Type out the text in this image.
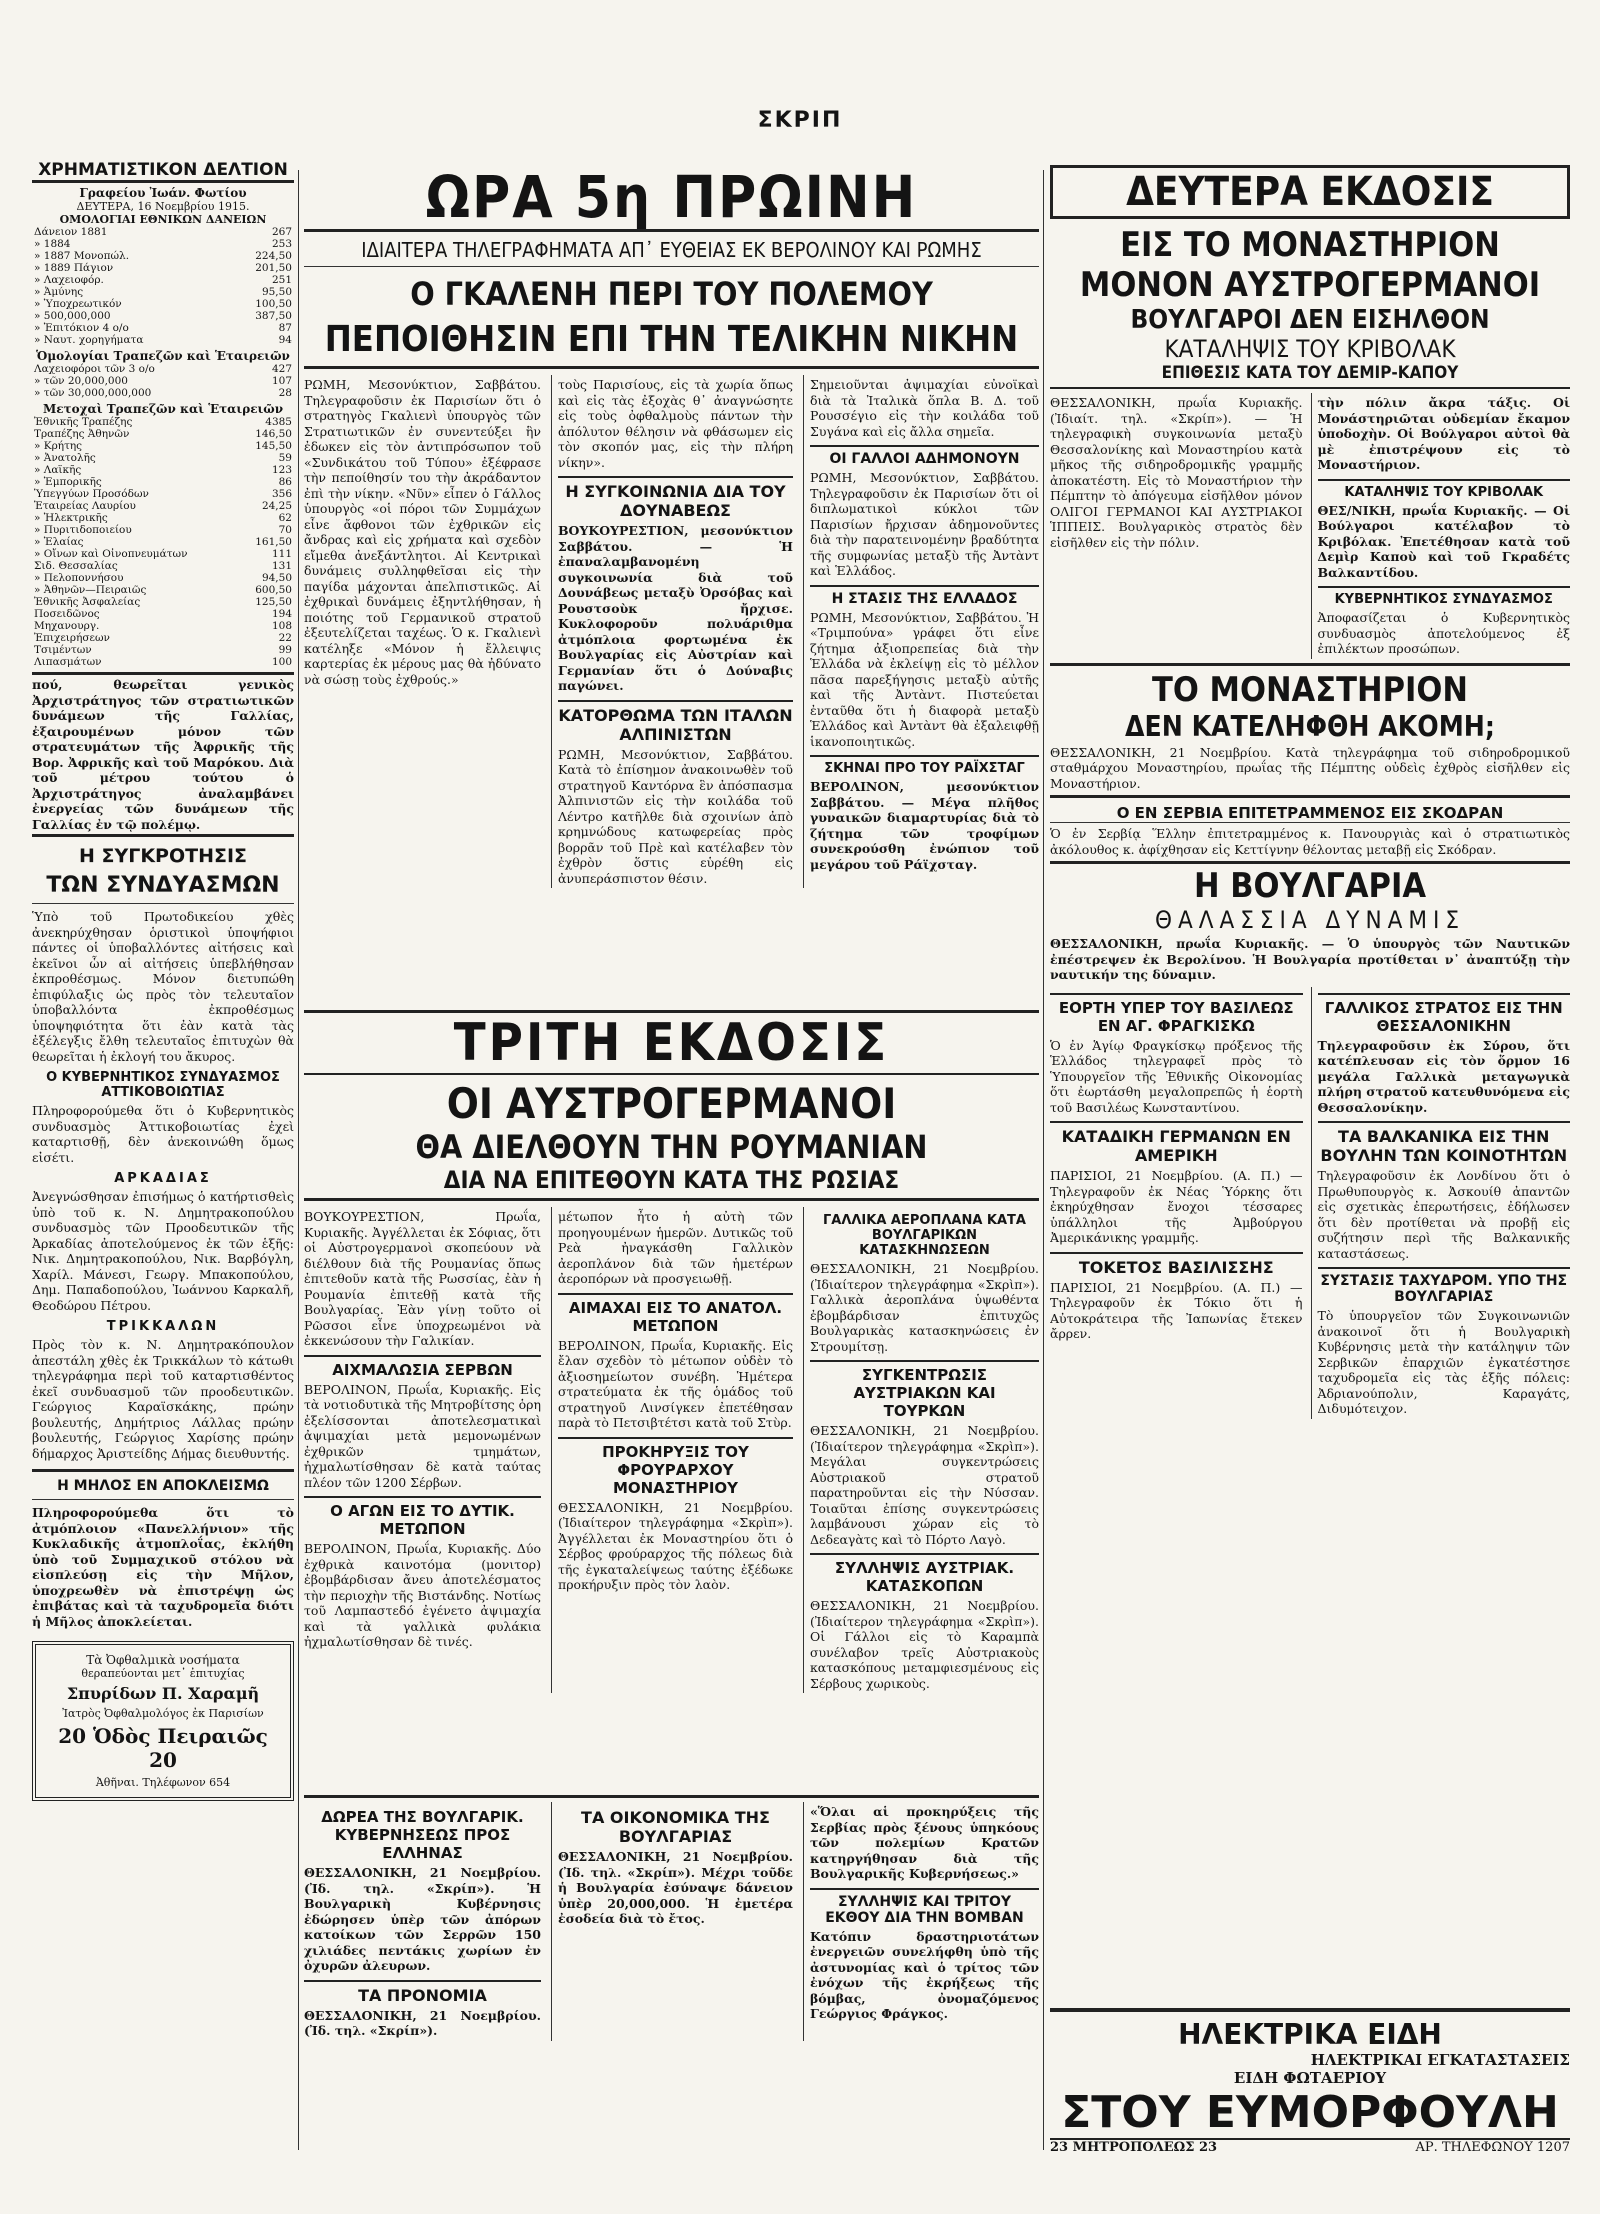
ΣΚΡΙΠ
ΧΡΗΜΑΤΙΣΤΙΚΟΝ ΔΕΛΤΙΟΝ
Γραφείου Ἰωάν. Φωτίου
ΔΕΥΤΕΡΑ, 16 Νοεμβρίου 1915.
ΟΜΟΛΟΓΙΑΙ ΕΘΝΙΚΩΝ ΔΑΝΕΙΩΝ
Δάνειον 1881	267
» 1884	253
» 1887 Μονοπώλ.	224,50
» 1889 Πάγιον	201,50
» Λαχειοφόρ.	251
» Ἀμύνης	95,50
» Ὑποχρεωτικόν	100,50
» 500,000,000	387,50
» Ἐπιτόκιον 4 ο/ο	87
» Ναυτ. χορηγήματα	94
Ὁμολογίαι Τραπεζῶν καὶ Ἑταιρειῶν
Λαχειοφόροι τῶν 3 ο/ο	427
» τῶν 20,000,000	107
» τῶν 30,000,000,000	28
Μετοχαὶ Τραπεζῶν καὶ Ἑταιρειῶν
Ἐθνικῆς Τραπέζης	4385
Τραπέζης Ἀθηνῶν	146,50
» Κρήτης	145,50
» Ἀνατολῆς	59
» Λαϊκῆς	123
» Ἐμπορικῆς	86
Ὑπεγγύων Προσόδων	356
Ἑταιρείας Λαυρίου	24,25
» Ἠλεκτρικῆς	62
» Πυριτιδοποιείου	70
» Ἐλαίας	161,50
» Οἴνων καὶ Οἰνοπνευμάτων	111
Σιδ. Θεσσαλίας	131
» Πελοποννήσου	94,50
» Ἀθηνῶν—Πειραιῶς	600,50
Ἐθνικῆς Ἀσφαλείας	125,50
Ποσειδῶνος	194
Μηχανουργ.	108
Ἐπιχειρήσεων	22
Τσιμέντων	99
Λιπασμάτων	100

πού, θεωρεῖται γενικὸς Ἀρχιστράτηγος τῶν στρατιωτικῶν δυνάμεων τῆς Γαλλίας, ἐξαιρουμένων μόνον τῶν στρατευμάτων τῆς Ἀφρικῆς τῆς Βορ. Ἀφρικῆς καὶ τοῦ Μαρόκου. Διὰ τοῦ μέτρου τούτου ὁ Ἀρχιστράτηγος ἀναλαμβάνει ἐνεργείας τῶν δυνάμεων τῆς Γαλλίας ἐν τῷ πολέμῳ.

Η ΣΥΓΚΡΟΤΗΣΙΣ
ΤΩΝ ΣΥΝΔΥΑΣΜΩΝ

Ὑπὸ τοῦ Πρωτοδικείου χθὲς ἀνεκηρύχθησαν ὁριστικοὶ ὑποψήφιοι πάντες οἱ ὑποβαλλόντες αἰτήσεις καὶ ἐκεῖνοι ὧν αἱ αἰτήσεις ὑπεβλήθησαν ἐκπροθέσμως. Μόνον διετυπώθη ἐπιφύλαξις ὡς πρὸς τὸν τελευταῖον ὑποβαλλόντα ἐκπροθέσμως ὑποψηφιότητα ὅτι ἐὰν κατὰ τὰς ἐξέλεγξις ἔλθη τελευταῖος ἐπιτυχὼν θὰ θεωρεῖται ἡ ἐκλογή του ἄκυρος.

Ο ΚΥΒΕΡΝΗΤΙΚΟΣ ΣΥΝΔΥΑΣΜΟΣ ΑΤΤΙΚΟΒΟΙΩΤΙΑΣ

Πληροφορούμεθα ὅτι ὁ Κυβερνητικὸς συνδυασμὸς Ἀττικοβοιωτίας ἐχεὶ καταρτισθῇ, δὲν ἀνεκοινώθη ὅμως εἰσέτι.

ΑΡΚΑΔΙΑΣ

Ἀνεγνώσθησαν ἐπισήμως ὁ κατήρτισθεὶς ὑπὸ τοῦ κ. Ν. Δημητρακοπούλου συνδυασμὸς τῶν Προοδευτικῶν τῆς Ἀρκαδίας ἀποτελούμενος ἐκ τῶν ἑξῆς: Νικ. Δημητρακοπούλου, Νικ. Βαρβόγλη, Χαρίλ. Μάνεσι, Γεωργ. Μπακοπούλου, Δημ. Παπαδοπούλου, Ἰωάννου Καρκαλῆ, Θεοδώρου Πέτρου.

ΤΡΙΚΚΑΛΩΝ

Πρὸς τὸν κ. Ν. Δημητρακόπουλον ἀπεστάλη χθὲς ἐκ Τρικκάλων τὸ κάτωθι τηλεγράφημα περὶ τοῦ καταρτισθέντος ἐκεῖ συνδυασμοῦ τῶν προοδευτικῶν. Γεώργιος Καραϊσκάκης, πρώην βουλευτής, Δημήτριος Λάλλας πρώην βουλευτής, Γεώργιος Χαρίσης πρώην δήμαρχος Ἀριστείδης Δήμας διευθυντής.

Η ΜΗΛΟΣ ΕΝ ΑΠΟΚΛΕΙΣΜΩ

Πληροφορούμεθα ὅτι τὸ ἀτμόπλοιον «Πανελλήνιον» τῆς Κυκλαδικῆς ἀτμοπλοΐας, ἐκλήθη ὑπὸ τοῦ Συμμαχικοῦ στόλου νὰ εἰσπλεύσῃ εἰς τὴν Μῆλον, ὑποχρεωθὲν νὰ ἐπιστρέψῃ ὡς ἐπιβάτας καὶ τὰ ταχυδρομεῖα διότι ἡ Μῆλος ἀποκλείεται.

Τὰ Ὀφθαλμικὰ νοσήματα
θεραπεύονται μετ᾽ ἐπιτυχίας
Σπυρίδων Π. Χαραμῆ
Ἰατρὸς Ὀφθαλμολόγος ἐκ Παρισίων
20 Ὁδὸς Πειραιῶς 20
Ἀθῆναι. Τηλέφωνον 654
ΩΡΑ 5η ΠΡΩΙΝΗ
ΙΔΙΑΙΤΕΡΑ ΤΗΛΕΓΡΑΦΗΜΑΤΑ ΑΠ᾽ ΕΥΘΕΙΑΣ ΕΚ ΒΕΡΟΛΙΝΟΥ ΚΑΙ ΡΩΜΗΣ
Ο ΓΚΑΛΕΝΗ ΠΕΡΙ ΤΟΥ ΠΟΛΕΜΟΥ
ΠΕΠΟΙΘΗΣΙΝ ΕΠΙ ΤΗΝ ΤΕΛΙΚΗΝ ΝΙΚΗΝ

ΡΩΜΗ, Μεσονύκτιον, Σαββάτου. Τηλεγραφοῦσιν ἐκ Παρισίων ὅτι ὁ στρατηγὸς Γκαλιενὶ ὑπουργὸς τῶν Στρατιωτικῶν ἐν συνεντεύξει ἣν ἐδωκεν εἰς τὸν ἀντιπρόσωπον τοῦ «Συνδικάτου τοῦ Τύπου» ἐξέφρασε τὴν πεποίθησίν του τὴν ἀκράδαντον ἐπὶ τὴν νίκην. «Νῦν» εἶπεν ὁ Γάλλος ὑπουργὸς «οἱ πόροι τῶν Συμμάχων εἶνε ἄφθονοι τῶν ἐχθρικῶν εἰς ἄνδρας καὶ εἰς χρήματα καὶ σχεδὸν εἴμεθα ἀνεξάντλητοι. Αἱ Κεντρικαὶ δυνάμεις συλληφθεῖσαι εἰς τὴν παγίδα μάχονται ἀπελπιστικῶς. Αἱ ἐχθρικαὶ δυνάμεις ἐξηντλήθησαν, ἡ ποιότης τοῦ Γερμανικοῦ στρατοῦ ἐξευτελίζεται ταχέως. Ὁ κ. Γκαλιενὶ κατέληξε «Μόνον ἡ ἔλλειψις καρτερίας ἐκ μέρους μας θὰ ἠδύνατο νὰ σώσῃ τοὺς ἐχθρούς.»

τοὺς Παρισίους, εἰς τὰ χωρία ὅπως καὶ εἰς τὰς ἐξοχὰς θ᾽ ἀναγνώσητε εἰς τοὺς ὀφθαλμοὺς πάντων τὴν ἀπόλυτον θέλησιν νὰ φθάσωμεν εἰς τὸν σκοπόν μας, εἰς τὴν πλήρη νίκην».

Η ΣΥΓΚΟΙΝΩΝΙΑ ΔΙΑ ΤΟΥ ΔΟΥΝΑΒΕΩΣ

ΒΟΥΚΟΥΡΕΣΤΙΟΝ, μεσονύκτιον Σαββάτου. — Ἡ ἐπαναλαμβανομένη συγκοινωνία διὰ τοῦ Δουνάβεως μεταξὺ Ὀρσόβας καὶ Ρουστσοὺκ ἤρχισε. Κυκλοφοροῦν πολυάριθμα ἀτμόπλοια φορτωμένα ἐκ Βουλγαρίας εἰς Αὐστρίαν καὶ Γερμανίαν ὅτι ὁ Δούναβις παγώνει.

ΚΑΤΟΡΘΩΜΑ ΤΩΝ ΙΤΑΛΩΝ ΑΛΠΙΝΙΣΤΩΝ

ΡΩΜΗ, Μεσονύκτιον, Σαββάτου. Κατὰ τὸ ἐπίσημον ἀνακοινωθὲν τοῦ στρατηγοῦ Καντόρνα ἓν ἀπόσπασμα Ἀλπινιστῶν εἰς τὴν κοιλάδα τοῦ Λέντρο κατῆλθε διὰ σχοινίων ἀπὸ κρημνώδους κατωφερείας πρὸς βορρᾶν τοῦ Πρὲ καὶ κατέλαβεν τὸν ἐχθρὸν ὅστις εὑρέθη εἰς ἀνυπεράσπιστον θέσιν.

Σημειοῦνται ἀψιμαχίαι εὐνοϊκαὶ διὰ τὰ Ἰταλικὰ ὅπλα Β. Δ. τοῦ Ρουσσέγιο εἰς τὴν κοιλάδα τοῦ Συγάνα καὶ εἰς ἄλλα σημεῖα.

ΟΙ ΓΑΛΛΟΙ ΑΔΗΜΟΝΟΥΝ

ΡΩΜΗ, Μεσονύκτιον, Σαββάτου. Τηλεγραφοῦσιν ἐκ Παρισίων ὅτι οἱ διπλωματικοὶ κύκλοι τῶν Παρισίων ἤρχισαν ἀδημονοῦντες διὰ τὴν παρατεινομένην βραδύτητα τῆς συμφωνίας μεταξὺ τῆς Ἀντὰντ καὶ Ἑλλάδος.

Η ΣΤΑΣΙΣ ΤΗΣ ΕΛΛΑΔΟΣ

ΡΩΜΗ, Μεσονύκτιον, Σαββάτου. Ἡ «Τριμπούνα» γράφει ὅτι εἶνε ζήτημα ἀξιοπρεπείας διὰ τὴν Ἑλλάδα νὰ ἐκλείψῃ εἰς τὸ μέλλον πᾶσα παρεξήγησις μεταξὺ αὐτῆς καὶ τῆς Ἀντὰντ. Πιστεύεται ἐνταῦθα ὅτι ἡ διαφορὰ μεταξὺ Ἑλλάδος καὶ Ἀντὰντ θὰ ἐξαλειφθῇ ἱκανοποιητικῶς.

ΣΚΗΝΑΙ ΠΡΟ ΤΟΥ ΡΑΪΧΣΤΑΓ

ΒΕΡΟΛΙΝΟΝ, μεσονύκτιον Σαββάτου. — Μέγα πλῆθος γυναικῶν διαμαρτυρίας διὰ τὸ ζήτημα τῶν τροφίμων συνεκρούσθη ἐνώπιον τοῦ μεγάρου τοῦ Ράϊχσταγ.

ΤΡΙΤΗ ΕΚΔΟΣΙΣ
ΟΙ ΑΥΣΤΡΟΓΕΡΜΑΝΟΙ
ΘΑ ΔΙΕΛΘΟΥΝ ΤΗΝ ΡΟΥΜΑΝΙΑΝ
ΔΙΑ ΝΑ ΕΠΙΤΕΘΟΥΝ ΚΑΤΑ ΤΗΣ ΡΩΣΙΑΣ

ΒΟΥΚΟΥΡΕΣΤΙΟΝ, Πρωΐα, Κυριακῆς. Ἀγγέλλεται ἐκ Σόφιας, ὅτι οἱ Αὐστρογερμανοὶ σκοπεύουν νὰ διέλθουν διὰ τῆς Ρουμανίας ὅπως ἐπιτεθοῦν κατὰ τῆς Ρωσσίας, ἐὰν ἡ Ρουμανία ἐπιτεθῇ κατὰ τῆς Βουλγαρίας. Ἐὰν γίνῃ τοῦτο οἱ Ρῶσσοι εἶνε ὑποχρεωμένοι νὰ ἐκκενώσουν τὴν Γαλικίαν.

ΑΙΧΜΑΛΩΣΙΑ ΣΕΡΒΩΝ

ΒΕΡΟΛΙΝΟΝ, Πρωΐα, Κυριακῆς. Εἰς τὰ νοτιοδυτικὰ τῆς Μητροβίτσης ὁρη ἐξελίσσονται ἀποτελεσματικαὶ ἀψιμαχίαι μετὰ μεμονωμένων ἐχθρικῶν τμημάτων, ἠχμαλωτίσθησαν δὲ κατὰ ταύτας πλέον τῶν 1200 Σέρβων.

Ο ΑΓΩΝ ΕΙΣ ΤΟ ΔΥΤΙΚ. ΜΕΤΩΠΟΝ

ΒΕΡΟΛΙΝΟΝ, Πρωΐα, Κυριακῆς. Δύο ἐχθρικὰ καινοτόμα (μονιτορ) ἐβομβάρδισαν ἄνευ ἀποτελέσματος τὴν περιοχὴν τῆς Βιστάνδης. Νοτίως τοῦ Λαμπαστεδό ἐγένετο ἀψιμαχία καὶ τὰ γαλλικὰ φυλάκια ἠχμαλωτίσθησαν δὲ τινές.

μέτωπον ἦτο ἡ αὐτὴ τῶν προηγουμένων ἡμερῶν. Δυτικῶς τοῦ Ρεὰ ἠναγκάσθη Γαλλικὸν ἀεροπλάνον διὰ τῶν ἡμετέρων ἀεροπόρων νὰ προσγειωθῇ.

ΑΙΜΑΧΑΙ ΕΙΣ ΤΟ ΑΝΑΤΟΛ. ΜΕΤΩΠΟΝ

ΒΕΡΟΛΙΝΟΝ, Πρωΐα, Κυριακῆς. Εἰς ἔλαν σχεδὸν τὸ μέτωπον οὐδὲν τὸ ἀξιοσημείωτον συνέβη. Ἡμέτερα στρατεύματα ἐκ τῆς ὁμάδος τοῦ στρατηγοῦ Λινσίγκεν ἐπετέθησαν παρὰ τὸ Πετσιβτέτσι κατὰ τοῦ Στὺρ.

ΠΡΟΚΗΡΥΞΙΣ ΤΟΥ ΦΡΟΥΡΑΡΧΟΥ ΜΟΝΑΣΤΗΡΙΟΥ

ΘΕΣΣΑΛΟΝΙΚΗ, 21 Νοεμβρίου. (Ἰδιαίτερον τηλεγράφημα «Σκρὶπ»). Ἀγγέλλεται ἐκ Μοναστηρίου ὅτι ὁ Σέρβος φρούραρχος τῆς πόλεως διὰ τῆς ἐγκαταλείψεως ταύτης ἐξέδωκε προκήρυξιν πρὸς τὸν λαὸν.

ΓΑΛΛΙΚΑ ΑΕΡΟΠΛΑΝΑ ΚΑΤΑ ΒΟΥΛΓΑΡΙΚΩΝ ΚΑΤΑΣΚΗΝΩΣΕΩΝ

ΘΕΣΣΑΛΟΝΙΚΗ, 21 Νοεμβρίου. (Ἰδιαίτερον τηλεγράφημα «Σκρὶπ»). Γαλλικὰ ἀεροπλάνα ὑψωθέντα ἐβομβάρδισαν ἐπιτυχῶς Βουλγαρικὰς κατασκηνώσεις ἐν Στρουμίτσῃ.

ΣΥΓΚΕΝΤΡΩΣΙΣ ΑΥΣΤΡΙΑΚΩΝ ΚΑΙ ΤΟΥΡΚΩΝ

ΘΕΣΣΑΛΟΝΙΚΗ, 21 Νοεμβρίου. (Ἰδιαίτερον τηλεγράφημα «Σκρὶπ»). Μεγάλαι συγκεντρώσεις Αὐστριακοῦ στρατοῦ παρατηροῦνται εἰς τὴν Νύσσαν. Τοιαῦται ἐπίσης συγκεντρώσεις λαμβάνουσι χώραν εἰς τὸ Δεδεαγὰτς καὶ τὸ Πόρτο Λαγὸ.

ΣΥΛΛΗΨΙΣ ΑΥΣΤΡΙΑΚ. ΚΑΤΑΣΚΟΠΩΝ

ΘΕΣΣΑΛΟΝΙΚΗ, 21 Νοεμβρίου. (Ἰδιαίτερον τηλεγράφημα «Σκρὶπ»). Οἱ Γάλλοι εἰς τὸ Καραμπὰ συνέλαβον τρεῖς Αὐστριακοὺς κατασκόπους μεταμφιεσμένους εἰς Σέρβους χωρικοὺς.

ΔΩΡΕΑ ΤΗΣ ΒΟΥΛΓΑΡΙΚ. ΚΥΒΕΡΝΗΣΕΩΣ ΠΡΟΣ ΕΛΛΗΝΑΣ

ΘΕΣΣΑΛΟΝΙΚΗ, 21 Νοεμβρίου. (Ἰδ. τηλ. «Σκρίπ»). Ἡ Βουλγαρικὴ Κυβέρνησις ἐδώρησεν ὑπὲρ τῶν ἀπόρων κατοίκων τῶν Σερρῶν 150 χιλιάδες πεντάκις χωρίων ἐν ὀχυρῶν ἀλευρων.

ΤΑ ΠΡΟΝΟΜΙΑ

ΘΕΣΣΑΛΟΝΙΚΗ, 21 Νοεμβρίου. (Ἰδ. τηλ. «Σκρίπ»).

ΤΑ ΟΙΚΟΝΟΜΙΚΑ ΤΗΣ ΒΟΥΛΓΑΡΙΑΣ

ΘΕΣΣΑΛΟΝΙΚΗ, 21 Νοεμβρίου. (Ἰδ. τηλ. «Σκρίπ»). Μέχρι τοῦδε ἡ Βουλγαρία ἐσύναψε δάνειον ὑπὲρ 20,000,000. Ἡ ἐμετέρα ἐσοδεία διὰ τὸ ἔτος.

«Ὅλαι αἱ προκηρύξεις τῆς Σερβίας πρὸς ξένους ὑπηκόους τῶν πολεμίων Κρατῶν κατηργήθησαν διὰ τῆς Βουλγαρικῆς Κυβερνήσεως.»

ΣΥΛΛΗΨΙΣ ΚΑΙ ΤΡΙΤΟΥ ΕΚΘΟΥ ΔΙΑ ΤΗΝ ΒΟΜΒΑΝ

Κατόπιν δραστηριοτάτων ἐνεργειῶν συνελήφθη ὑπὸ τῆς ἀστυνομίας καὶ ὁ τρίτος τῶν ἐνόχων τῆς ἐκρήξεως τῆς βόμβας, ὀνομαζόμενος Γεώργιος Φράγκος.

ΔΕΥΤΕΡΑ ΕΚΔΟΣΙΣ
ΕΙΣ ΤΟ ΜΟΝΑΣΤΗΡΙΟΝ
ΜΟΝΟΝ ΑΥΣΤΡΟΓΕΡΜΑΝΟΙ
ΒΟΥΛΓΑΡΟΙ ΔΕΝ ΕΙΣΗΛΘΟΝ
ΚΑΤΑΛΗΨΙΣ ΤΟΥ ΚΡΙΒΟΛΑΚ
ΕΠΙΘΕΣΙΣ ΚΑΤΑ ΤΟΥ ΔΕΜΙΡ-ΚΑΠΟΥ

ΘΕΣΣΑΛΟΝΙΚΗ, πρωΐα Κυριακῆς. (Ἰδιαίτ. τηλ. «Σκρίπ»). — Ἡ τηλεγραφικὴ συγκοινωνία μεταξὺ Θεσσαλονίκης καὶ Μοναστηρίου κατὰ μῆκος τῆς σιδηροδρομικῆς γραμμῆς ἀποκατέστη. Εἰς τὸ Μοναστήριον τὴν Πέμπτην τὸ ἀπόγευμα εἰσῆλθον μόνον ΟΛΙΓΟΙ ΓΕΡΜΑΝΟΙ ΚΑΙ ΑΥΣΤΡΙΑΚΟΙ ἹΠΠΕΙΣ. Βουλγαρικὸς στρατὸς δὲν εἰσῆλθεν εἰς τὴν πόλιν.

τὴν πόλιν ἄκρα τάξις. Οἱ Μονάστηριῶται οὐδεμίαν ἔκαμον ὑποδοχὴν. Οἱ Βούλγαροι αὐτοὶ θὰ μὲ ἐπιστρέψουν εἰς τὸ Μοναστήριον.

ΚΑΤΑΛΗΨΙΣ ΤΟΥ ΚΡΙΒΟΛΑΚ

ΘΕΣ/ΝΙΚΗ, πρωΐα Κυριακῆς. — Οἱ Βούλγαροι κατέλαβον τὸ Κριβόλακ. Ἐπετέθησαν κατὰ τοῦ Δεμὶρ Καποὺ καὶ τοῦ Γκραδέτς Βαλκαντίδου.

ΚΥΒΕΡΝΗΤΙΚΟΣ ΣΥΝΔΥΑΣΜΟΣ

Ἀποφασίζεται ὁ Κυβερνητικὸς συνδυασμὸς ἀποτελούμενος ἐξ ἐπιλέκτων προσώπων.

ΤΟ ΜΟΝΑΣΤΗΡΙΟΝ
ΔΕΝ ΚΑΤΕΛΗΦΘΗ ΑΚΟΜΗ;

ΘΕΣΣΑΛΟΝΙΚΗ, 21 Νοεμβρίου. Κατὰ τηλεγράφημα τοῦ σιδηροδρομικοῦ σταθμάρχου Μοναστηρίου, πρωΐας τῆς Πέμπτης οὐδεὶς ἐχθρὸς εἰσῆλθεν εἰς Μοναστήριον.

Ο ΕΝ ΣΕΡΒΙΑ ΕΠΙΤΕΤΡΑΜΜΕΝΟΣ ΕΙΣ ΣΚΟΔΡΑΝ

Ὁ ἐν Σερβίᾳ Ἕλλην ἐπιτετραμμένος κ. Πανουργιὰς καὶ ὁ στρατιωτικὸς ἀκόλουθος κ. ἀφίχθησαν εἰς Κεττίγνην θέλοντας μεταβῇ εἰς Σκόδραν.

Η ΒΟΥΛΓΑΡΙΑ
ΘΑΛΑΣΣΙΑ ΔΥΝΑΜΙΣ

ΘΕΣΣΑΛΟΝΙΚΗ, πρωΐα Κυριακῆς. — Ὁ ὑπουργὸς τῶν Ναυτικῶν ἐπέστρεψεν ἐκ Βερολίνου. Ἡ Βουλγαρία προτίθεται ν᾽ ἀναπτύξῃ τὴν ναυτικήν της δύναμιν.

ΕΟΡΤΗ ΥΠΕΡ ΤΟΥ ΒΑΣΙΛΕΩΣ ΕΝ ΑΓ. ΦΡΑΓΚΙΣΚΩ

Ὁ ἐν Ἁγίῳ Φραγκίσκῳ πρόξενος τῆς Ἑλλάδος τηλεγραφεῖ πρὸς τὸ Ὑπουργεῖον τῆς Ἐθνικῆς Οἰκονομίας ὅτι ἐωρτάσθη μεγαλοπρεπῶς ἡ ἑορτὴ τοῦ Βασιλέως Κωνσταντίνου.

ΚΑΤΑΔΙΚΗ ΓΕΡΜΑΝΩΝ ΕΝ ΑΜΕΡΙΚΗ

ΠΑΡΙΣΙΟΙ, 21 Νοεμβρίου. (Α. Π.) — Τηλεγραφοῦν ἐκ Νέας Ὑόρκης ὅτι ἐκηρύχθησαν ἔνοχοι τέσσαρες ὑπάλληλοι τῆς Ἀμβούργου Ἀμερικάνικης γραμμῆς.

ΤΟΚΕΤΟΣ ΒΑΣΙΛΙΣΣΗΣ

ΠΑΡΙΣΙΟΙ, 21 Νοεμβρίου. (Α. Π.) — Τηλεγραφοῦν ἐκ Τόκιο ὅτι ἡ Αὐτοκράτειρα τῆς Ἰαπωνίας ἔτεκεν ἄρρεν.

ΓΑΛΛΙΚΟΣ ΣΤΡΑΤΟΣ ΕΙΣ ΤΗΝ ΘΕΣΣΑΛΟΝΙΚΗΝ

Τηλεγραφοῦσιν ἐκ Σύρου, ὅτι κατέπλευσαν εἰς τὸν ὅρμον 16 μεγάλα Γαλλικὰ μεταγωγικὰ πλήρη στρατοῦ κατευθυνόμενα εἰς Θεσσαλονίκην.

ΤΑ ΒΑΛΚΑΝΙΚΑ ΕΙΣ ΤΗΝ ΒΟΥΛΗΝ ΤΩΝ ΚΟΙΝΟΤΗΤΩΝ

Τηλεγραφοῦσιν ἐκ Λονδίνου ὅτι ὁ Πρωθυπουργὸς κ. Ἀσκουίθ ἀπαντῶν εἰς σχετικὰς ἐπερωτήσεις, ἐδήλωσεν ὅτι δὲν προτίθεται νὰ προβῇ εἰς συζήτησιν περὶ τῆς Βαλκανικῆς καταστάσεως.

ΣΥΣΤΑΣΙΣ ΤΑΧΥΔΡΟΜ. ΥΠΟ ΤΗΣ ΒΟΥΛΓΑΡΙΑΣ

Τὸ ὑπουργεῖον τῶν Συγκοινωνιῶν ἀνακοινοῖ ὅτι ἡ Βουλγαρικὴ Κυβέρνησις μετὰ τὴν κατάληψιν τῶν Σερβικῶν ἐπαρχιῶν ἐγκατέστησε ταχυδρομεῖα εἰς τὰς ἑξῆς πόλεις: Ἀδριανούπολιν, Καραγάτς, Διδυμότειχον.

ΗΛΕΚΤΡΙΚΑ ΕΙΔΗ
ΗΛΕΚΤΡΙΚΑΙ ΕΓΚΑΤΑΣΤΑΣΕΙΣ
ΕΙΔΗ ΦΩΤΑΕΡΙΟΥ
ΣΤΟΥ ΕΥΜΟΡΦΟΥΛΗ
23 ΜΗΤΡΟΠΟΛΕΩΣ 23	ΑΡ. ΤΗΛΕΦΩΝΟΥ 1207
